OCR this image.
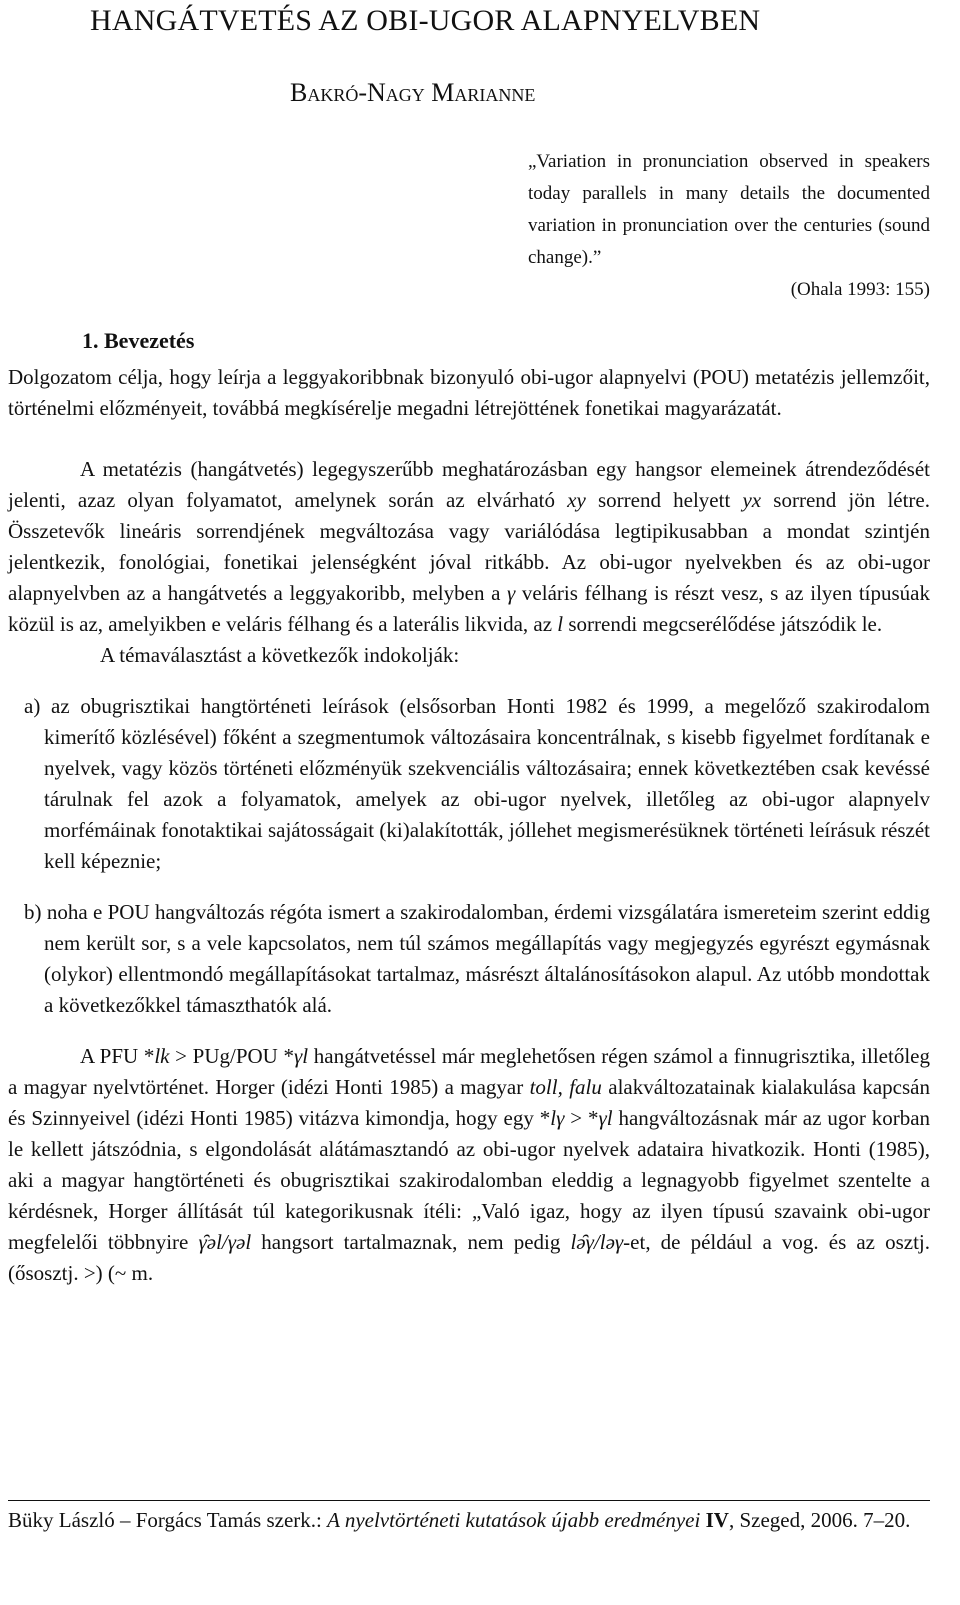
HANGÁTVETÉS AZ OBI-UGOR ALAPNYELVBEN
Bakró-Nagy Marianne
„Variation in pronunciation observed in speakers today parallels in many details the documented variation in pronunciation over the centuries (sound change).”
(Ohala 1993: 155)
1. Bevezetés

Dolgozatom célja, hogy leírja a leggyakoribbnak bizonyuló obi-ugor alapnyelvi (POU) metatézis jellemzőit, történelmi előzményeit, továbbá megkísérelje megadni létrejöttének fonetikai magyarázatát.

A metatézis (hangátvetés) legegyszerűbb meghatározásban egy hangsor elemeinek átrendeződését jelenti, azaz olyan folyamatot, amelynek során az elvárható xy sorrend helyett yx sorrend jön létre. Összetevők lineáris sorrendjének megváltozása vagy variálódása legtipikusabban a mondat szintjén jelentkezik, fonológiai, fonetikai jelenségként jóval ritkább. Az obi-ugor nyelvekben és az obi-ugor alapnyelvben az a hangátvetés a leggyakoribb, melyben a γ veláris félhang is részt vesz, s az ilyen típusúak közül is az, amelyikben e veláris félhang és a laterális likvida, az l sorrendi megcserélődése játszódik le.

A témaválasztást a következők indokolják:

a) az obugrisztikai hangtörténeti leírások (elsősorban Honti 1982 és 1999, a megelőző szakirodalom kimerítő közlésével) főként a szegmentumok változásaira koncentrálnak, s kisebb figyelmet fordítanak e nyelvek, vagy közös történeti előzményük szekvenciális változásaira; ennek következtében csak kevéssé tárulnak fel azok a folyamatok, amelyek az obi-ugor nyelvek, illetőleg az obi-ugor alapnyelv morfémáinak fonotaktikai sajátosságait (ki)alakították, jóllehet megismerésüknek történeti leírásuk részét kell képeznie;

b) noha e POU hangváltozás régóta ismert a szakirodalomban, érdemi vizsgálatára ismereteim szerint eddig nem került sor, s a vele kapcsolatos, nem túl számos megállapítás vagy megjegyzés egyrészt egymásnak (olykor) ellentmondó megállapításokat tartalmaz, másrészt általánosításokon alapul. Az utóbb mondottak a következőkkel támaszthatók alá.

A PFU *lk > PUg/POU *γl hangátvetéssel már meglehetősen régen számol a finnugrisztika, illetőleg a magyar nyelvtörténet. Horger (idézi Honti 1985) a magyar toll, falu alakváltozatainak kialakulása kapcsán és Szinnyeivel (idézi Honti 1985) vitázva kimondja, hogy egy *lγ > *γl hangváltozásnak már az ugor korban le kellett játszódnia, s elgondolását alátámasztandó az obi-ugor nyelvek adataira hivatkozik. Honti (1985), aki a magyar hangtörténeti és obugrisztikai szakirodalomban eleddig a legnagyobb figyelmet szentelte a kérdésnek, Horger állítását túl kategorikusnak ítéli: „Való igaz, hogy az ilyen típusú szavaink obi-ugor megfelelői többnyire γ̑əl/γəl hangsort tartalmaznak, nem pedig lə̑γ/ləγ-et, de például a vog. és az osztj. (ősosztj. >) (~ m.

Büky László – Forgács Tamás szerk.: A nyelvtörténeti kutatások újabb eredményei IV, Szeged, 2006. 7–20.
